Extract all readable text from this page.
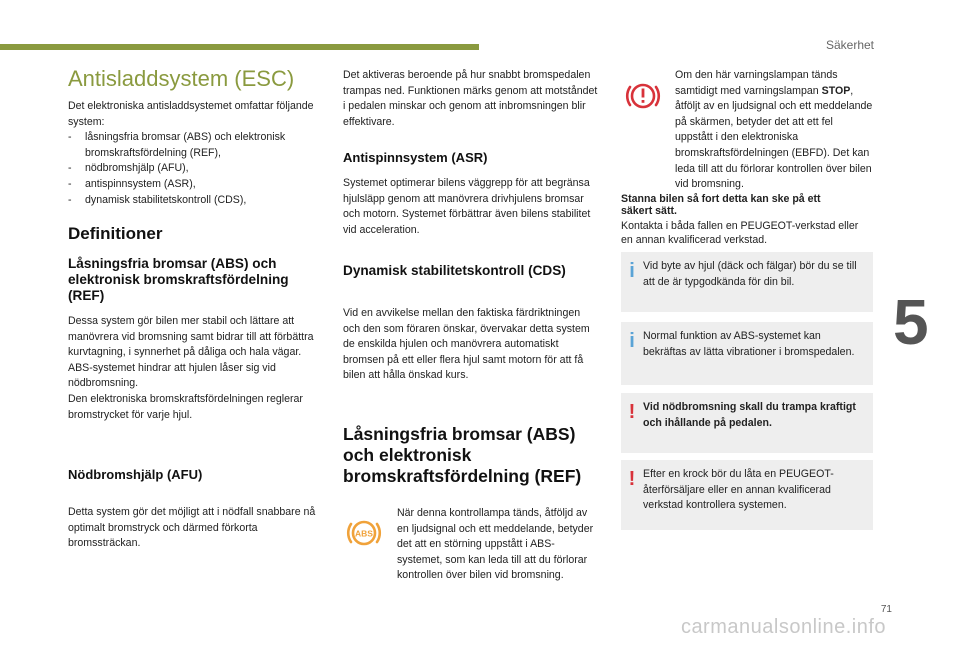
Säkerhet
5
Antisladdsystem (ESC)
Det elektroniska antisladdsystemet omfattar följande system:
- låsningsfria bromsar (ABS) och elektronisk bromskraftsfördelning (REF),
- nödbromshjälp (AFU),
- antispinnsystem (ASR),
- dynamisk stabilitetskontroll (CDS),
Definitioner
Låsningsfria bromsar (ABS) och elektronisk bromskraftsfördelning (REF)
Dessa system gör bilen mer stabil och lättare att manövrera vid bromsning samt bidrar till att förbättra kurvtagning, i synnerhet på dåliga och hala vägar.
ABS-systemet hindrar att hjulen låser sig vid nödbromsning.
Den elektroniska bromskraftsfördelningen reglerar bromstrycket för varje hjul.
Nödbromshjälp (AFU)
Detta system gör det möjligt att i nödfall snabbare nå optimalt bromstryck och därmed förkorta bromssträckan.
Det aktiveras beroende på hur snabbt bromspedalen trampas ned. Funktionen märks genom att motståndet i pedalen minskar och genom att inbromsningen blir effektivare.
Antispinnsystem (ASR)
Systemet optimerar bilens väggrepp för att begränsa hjulsläpp genom att manövrera drivhjulens bromsar och motorn. Systemet förbättrar även bilens stabilitet vid acceleration.
Dynamisk stabilitetskontroll (CDS)
Vid en avvikelse mellan den faktiska färdriktningen och den som föraren önskar, övervakar detta system de enskilda hjulen och manövrera automatiskt bromsen på ett eller flera hjul samt motorn för att få bilen att hålla önskad kurs.
Låsningsfria bromsar (ABS) och elektronisk bromskraftsfördelning (REF)
ABS
När denna kontrollampa tänds, åtföljd av en ljudsignal och ett meddelande, betyder det att en störning uppstått i ABS-systemet, som kan leda till att du förlorar kontrollen över bilen vid bromsning.
Om den här varningslampan tänds samtidigt med varningslampan STOP, åtföljt av en ljudsignal och ett meddelande på skärmen, betyder det att ett fel uppstått i den elektroniska bromskraftsfördelningen (EBFD). Det kan leda till att du förlorar kontrollen över bilen vid bromsning.
Stanna bilen så fort detta kan ske på ett säkert sätt.
Kontakta i båda fallen en PEUGEOT-verkstad eller en annan kvalificerad verkstad.
i Vid byte av hjul (däck och fälgar) bör du se till att de är typgodkända för din bil.
i Normal funktion av ABS-systemet kan bekräftas av lätta vibrationer i bromspedalen.
! Vid nödbromsning skall du trampa kraftigt och ihållande på pedalen.
! Efter en krock bör du låta en PEUGEOT-återförsäljare eller en annan kvalificerad verkstad kontrollera systemen.
71
carmanualsonline.info
